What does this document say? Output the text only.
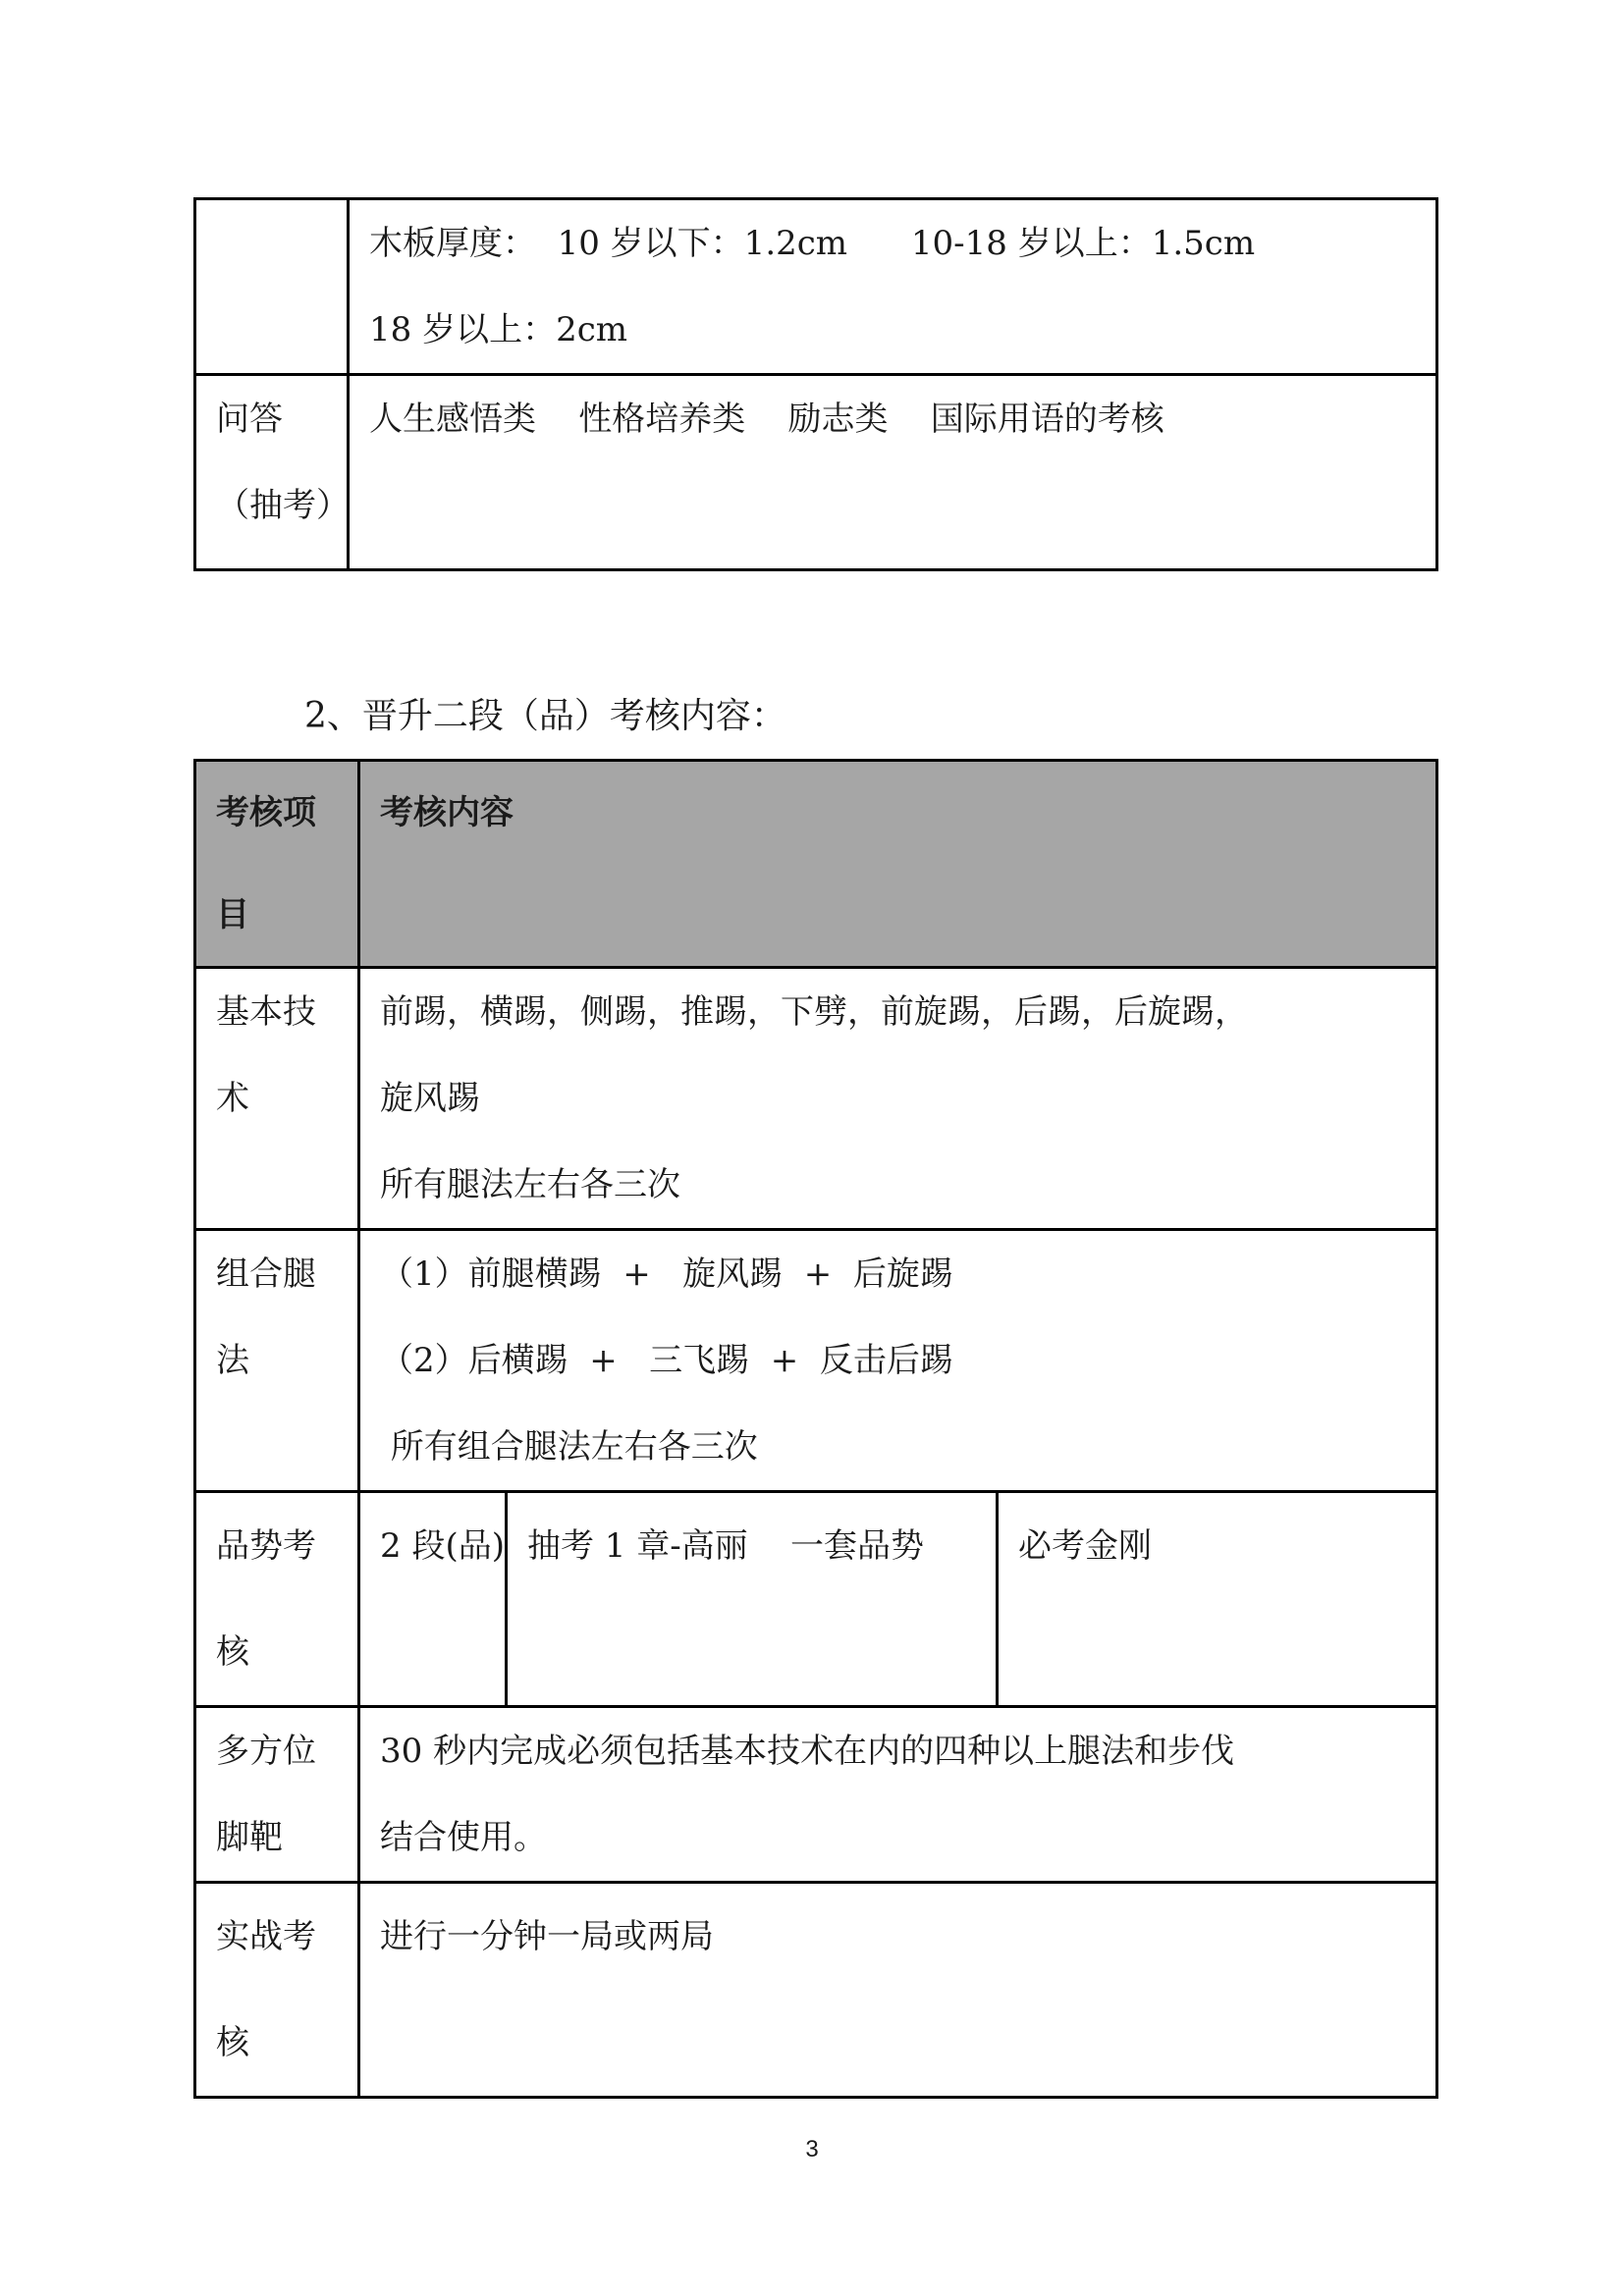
	木板厚度：  10 岁以下：1.2cm      10-18 岁以上：1.5cm
18 岁以上：2cm

问答（抽考）	人生感悟类    性格培养类    励志类    国际用语的考核
2、晋升二段（品）考核内容：
考核项目	考核内容		
基本技术	前踢，横踢，侧踢，推踢，下劈，前旋踢，后踢，后旋踢，
旋风踢
所有腿法左右各三次		

组合腿法	（1）前腿横踢  +   旋风踢  +  后旋踢
（2）后横踢  +   三飞踢  +  反击后踢
所有组合腿法左右各三次		

品势考核	2 段(品)	抽考 1 章-高丽    一套品势	必考金刚
多方位脚靶	30 秒内完成必须包括基本技术在内的四种以上腿法和步伐
结合使用。		

实战考核	进行一分钟一局或两局		
3
